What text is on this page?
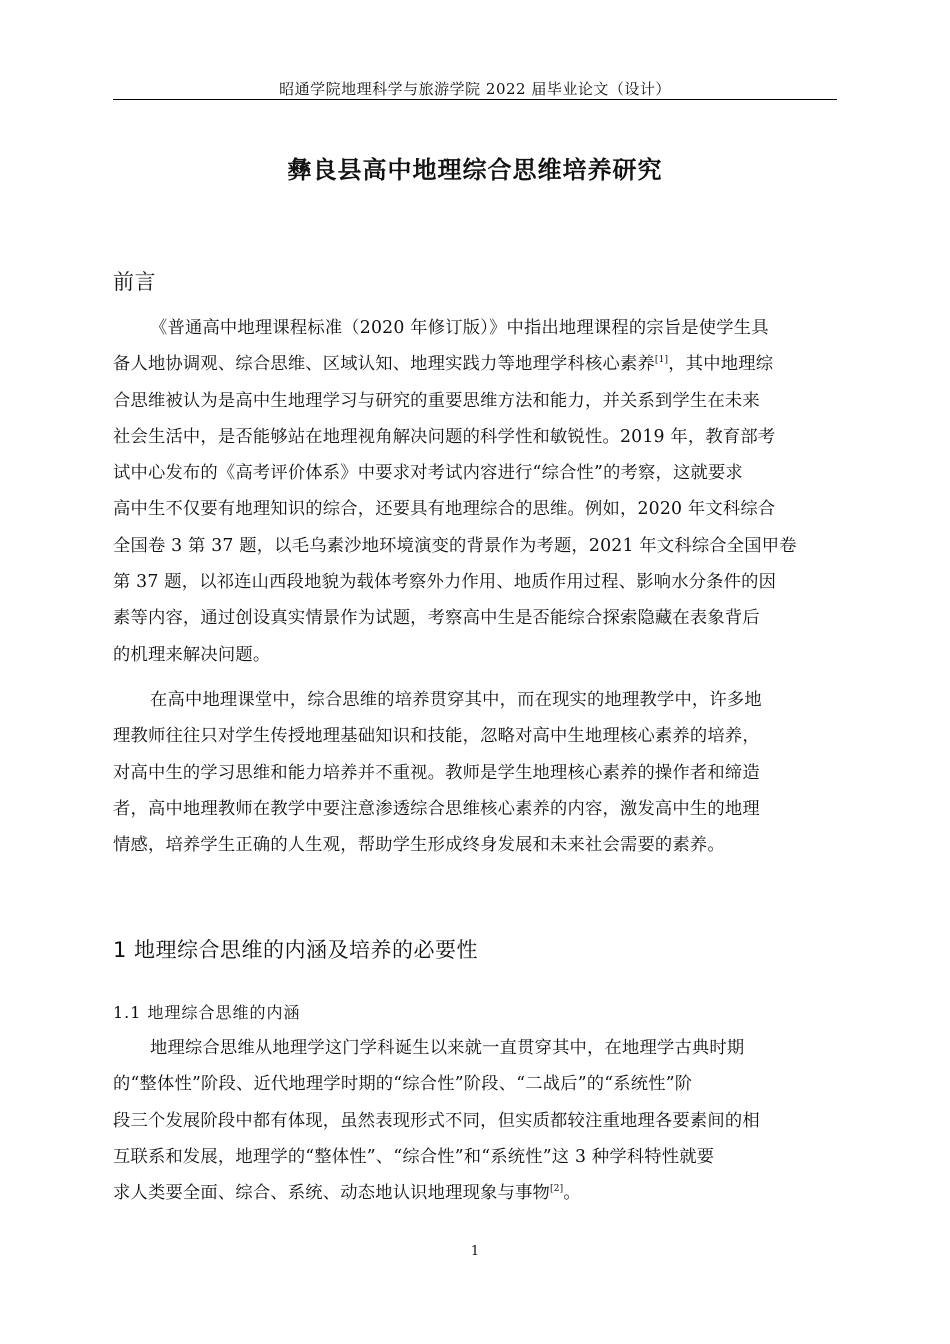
昭通学院地理科学与旅游学院 2022 届毕业论文（设计）
彝良县高中地理综合思维培养研究
前言
《普通高中地理课程标准（2020 年修订版）》中指出地理课程的宗旨是使学生具
备人地协调观、综合思维、区域认知、地理实践力等地理学科核心素养[1]，其中地理综
合思维被认为是高中生地理学习与研究的重要思维方法和能力，并关系到学生在未来
社会生活中，是否能够站在地理视角解决问题的科学性和敏锐性。2019 年，教育部考
试中心发布的《高考评价体系》中要求对考试内容进行“综合性”的考察，这就要求
高中生不仅要有地理知识的综合，还要具有地理综合的思维。例如，2020 年文科综合
全国卷 3 第 37 题，以毛乌素沙地环境演变的背景作为考题，2021 年文科综合全国甲卷
第 37 题，以祁连山西段地貌为载体考察外力作用、地质作用过程、影响水分条件的因
素等内容，通过创设真实情景作为试题，考察高中生是否能综合探索隐藏在表象背后
的机理来解决问题。
在高中地理课堂中，综合思维的培养贯穿其中，而在现实的地理教学中，许多地
理教师往往只对学生传授地理基础知识和技能，忽略对高中生地理核心素养的培养，
对高中生的学习思维和能力培养并不重视。教师是学生地理核心素养的操作者和缔造
者，高中地理教师在教学中要注意渗透综合思维核心素养的内容，激发高中生的地理
情感，培养学生正确的人生观，帮助学生形成终身发展和未来社会需要的素养。
1 地理综合思维的内涵及培养的必要性
1.1 地理综合思维的内涵
地理综合思维从地理学这门学科诞生以来就一直贯穿其中，在地理学古典时期
的“整体性”阶段、近代地理学时期的“综合性”阶段、“二战后”的“系统性”阶
段三个发展阶段中都有体现，虽然表现形式不同，但实质都较注重地理各要素间的相
互联系和发展，地理学的“整体性”、“综合性”和“系统性”这 3 种学科特性就要
求人类要全面、综合、系统、动态地认识地理现象与事物[2]。
1
